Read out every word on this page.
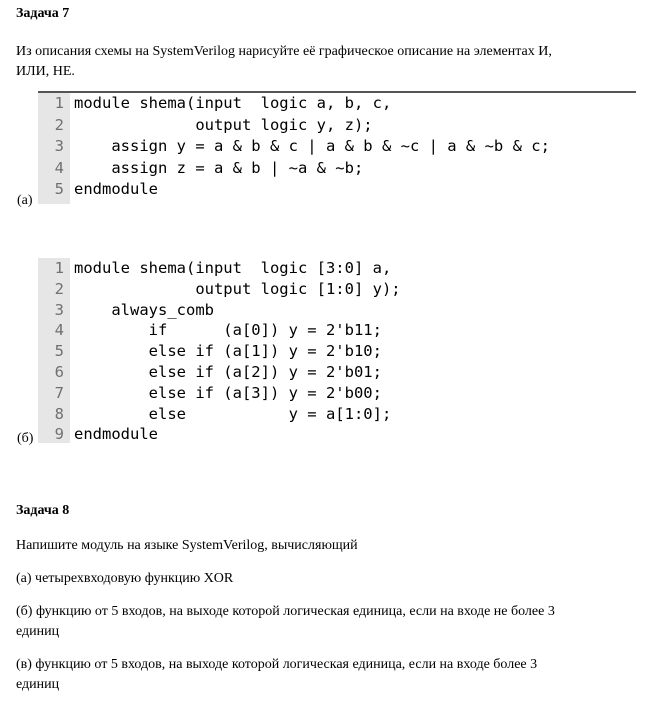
Задача 7
Из описания схемы на SystemVerilog нарисуйте её графическое описание на элементах И,
ИЛИ, НЕ.
1 module shema(input  logic a, b, c,
2 output logic y, z);
3 assign y = a & b & c | a & b & ~c | a & ~b & c;
4 assign z = a & b | ~a & ~b;
5 endmodule
(а)
1 module shema(input  logic [3:0] a,
2 output logic [1:0] y);
3 always_comb
4 if      (a[0]) y = 2'b11;
5 else if (a[1]) y = 2'b10;
6 else if (a[2]) y = 2'b01;
7 else if (a[3]) y = 2'b00;
8 else           y = a[1:0];
9 endmodule
(б)
Задача 8
Напишите модуль на языке SystemVerilog, вычисляющий
(а) четырехвходовую функцию XOR
(б) функцию от 5 входов, на выходе которой логическая единица, если на входе не более 3
единиц
(в) функцию от 5 входов, на выходе которой логическая единица, если на входе более 3
единиц
